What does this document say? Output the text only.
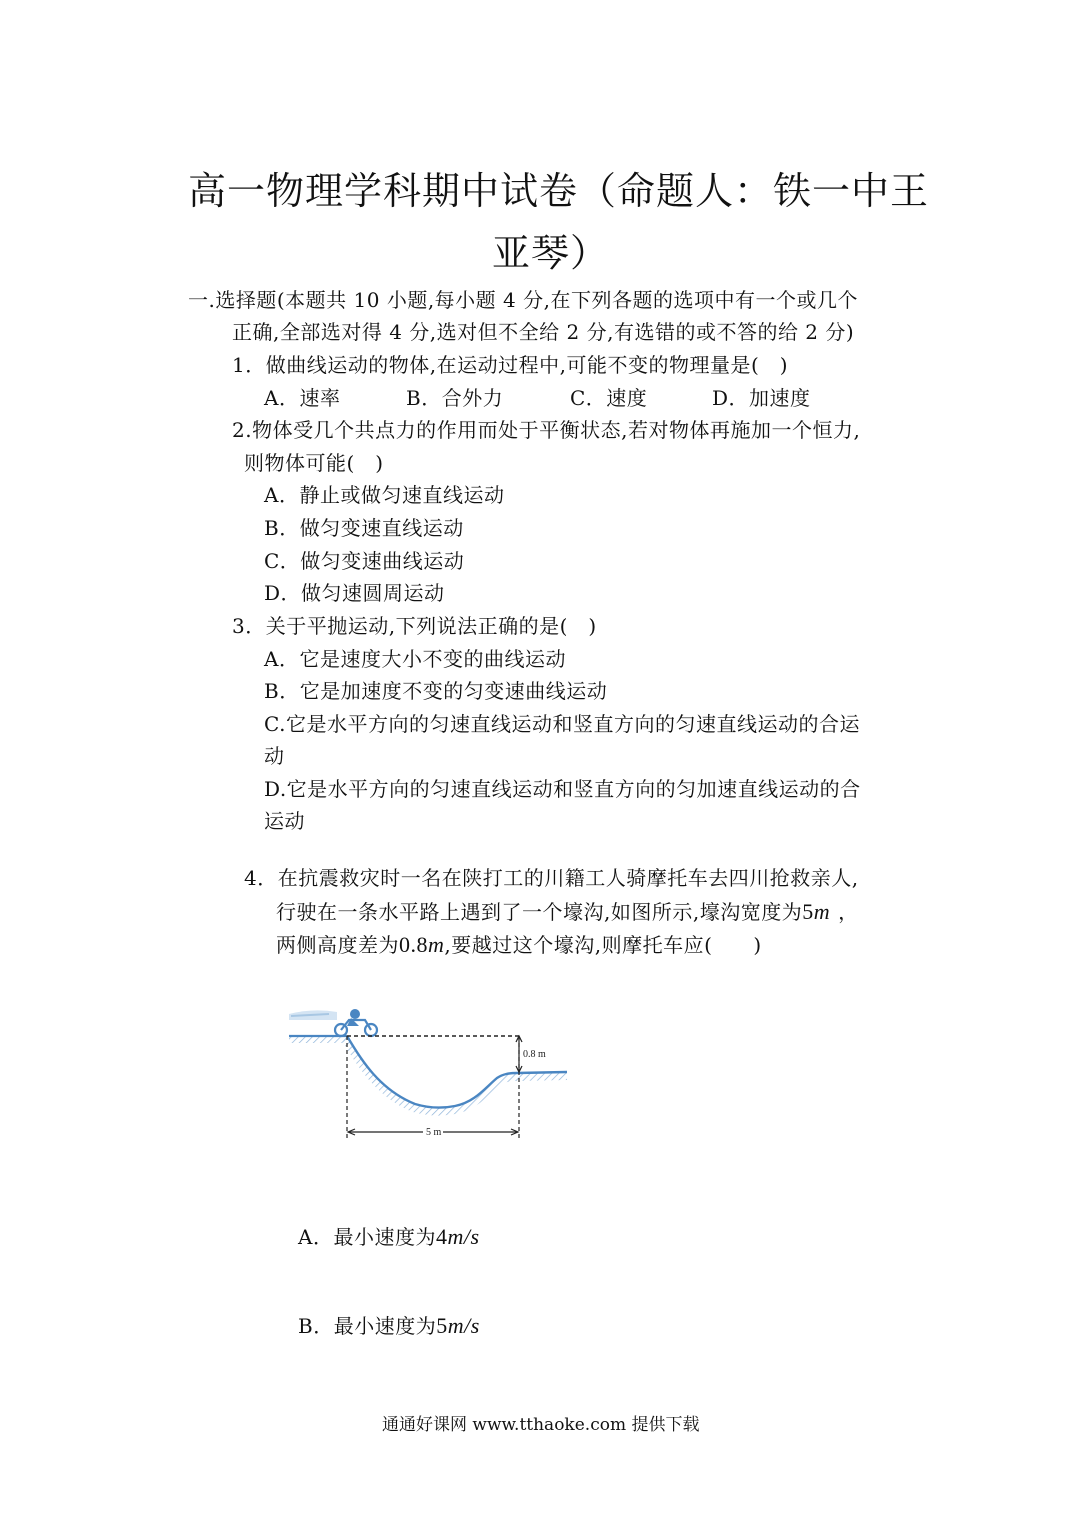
高一物理学科期中试卷（命题人：铁一中王
亚琴）
一.选择题(本题共 10 小题,每小题 4 分,在下列各题的选项中有一个或几个
正确,全部选对得 4 分,选对但不全给 2 分,有选错的或不答的给 2 分)
1．做曲线运动的物体,在运动过程中,可能不变的物理量是(　)
A．速率	B．合外力	C．速度	D．加速度
2.物体受几个共点力的作用而处于平衡状态,若对物体再施加一个恒力,
则物体可能(　)
A．静止或做匀速直线运动
B．做匀变速直线运动
C．做匀变速曲线运动
D．做匀速圆周运动
3．关于平抛运动,下列说法正确的是(　)
A．它是速度大小不变的曲线运动
B．它是加速度不变的匀变速曲线运动
C.它是水平方向的匀速直线运动和竖直方向的匀速直线运动的合运
动
D.它是水平方向的匀速直线运动和竖直方向的匀加速直线运动的合
运动
4．在抗震救灾时一名在陕打工的川籍工人骑摩托车去四川抢救亲人,
行驶在一条水平路上遇到了一个壕沟,如图所示,壕沟宽度为5m ，
两侧高度差为0.8m,要越过这个壕沟,则摩托车应(　　)
0.8 m
5 m
A．最小速度为4m/s
B．最小速度为5m/s
通通好课网 www.tthaoke.com 提供下载
